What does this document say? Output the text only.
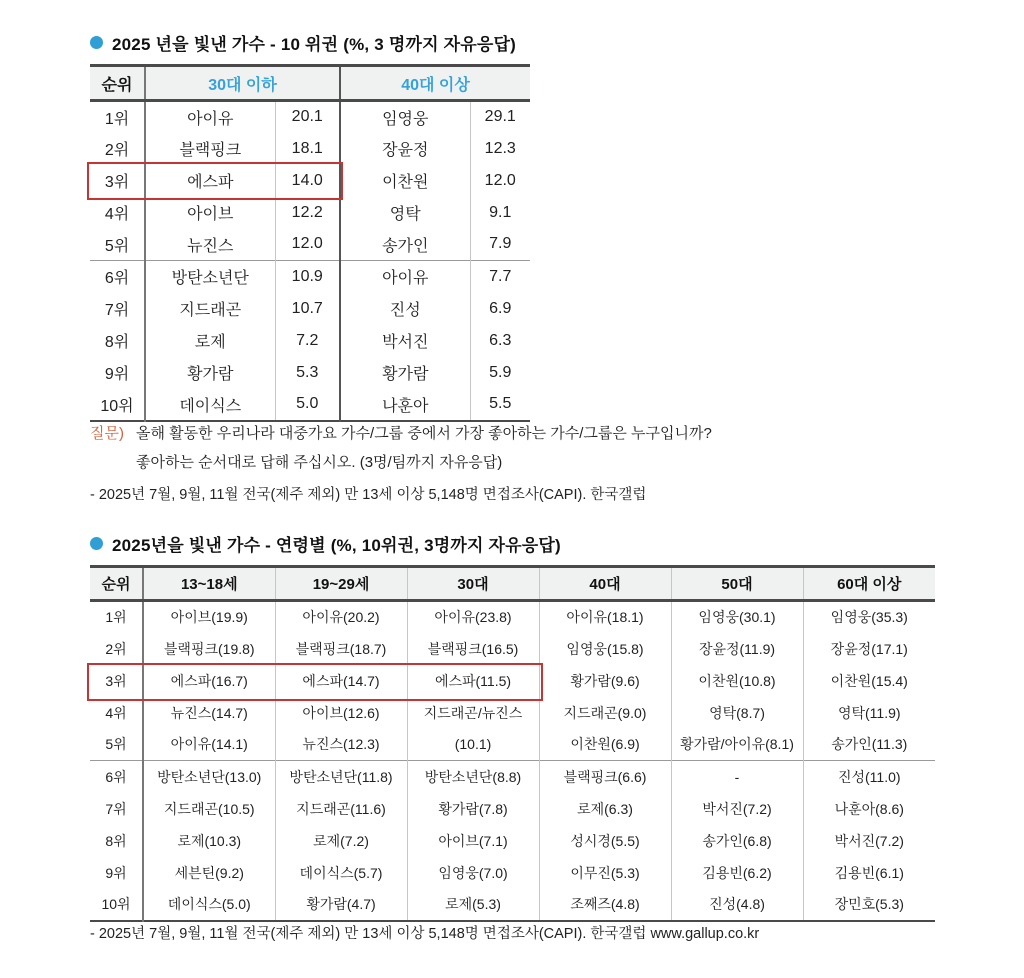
2025 년을 빛낸 가수 - 10 위권 (%, 3 명까지 자유응답)
순위	30대 이하		40대 이상	
1위	아이유	20.1	임영웅	29.1
2위	블랙핑크	18.1	장윤정	12.3
3위	에스파	14.0	이찬원	12.0
4위	아이브	12.2	영탁	9.1
5위	뉴진스	12.0	송가인	7.9
6위	방탄소년단	10.9	아이유	7.7
7위	지드래곤	10.7	진성	6.9
8위	로제	7.2	박서진	6.3
9위	황가람	5.3	황가람	5.9
10위	데이식스	5.0	나훈아	5.5
질문) 올해 활동한 우리나라 대중가요 가수/그룹 중에서 가장 좋아하는 가수/그룹은 누구입니까?
좋아하는 순서대로 답해 주십시오. (3명/팀까지 자유응답)
- 2025년 7월, 9월, 11월 전국(제주 제외) 만 13세 이상 5,148명 면접조사(CAPI). 한국갤럽
2025년을 빛낸 가수 - 연령별 (%, 10위권, 3명까지 자유응답)
순위	13~18세	19~29세	30대	40대	50대	60대 이상
1위	아이브(19.9)	아이유(20.2)	아이유(23.8)	아이유(18.1)	임영웅(30.1)	임영웅(35.3)
2위	블랙핑크(19.8)	블랙핑크(18.7)	블랙핑크(16.5)	임영웅(15.8)	장윤정(11.9)	장윤정(17.1)
3위	에스파(16.7)	에스파(14.7)	에스파(11.5)	황가람(9.6)	이찬원(10.8)	이찬원(15.4)
4위	뉴진스(14.7)	아이브(12.6)	지드래곤/뉴진스	지드래곤(9.0)	영탁(8.7)	영탁(11.9)
5위	아이유(14.1)	뉴진스(12.3)	(10.1)	이찬원(6.9)	황가람/아이유(8.1)	송가인(11.3)
6위	방탄소년단(13.0)	방탄소년단(11.8)	방탄소년단(8.8)	블랙핑크(6.6)	-	진성(11.0)
7위	지드래곤(10.5)	지드래곤(11.6)	황가람(7.8)	로제(6.3)	박서진(7.2)	나훈아(8.6)
8위	로제(10.3)	로제(7.2)	아이브(7.1)	성시경(5.5)	송가인(6.8)	박서진(7.2)
9위	세븐틴(9.2)	데이식스(5.7)	임영웅(7.0)	이무진(5.3)	김용빈(6.2)	김용빈(6.1)
10위	데이식스(5.0)	황가람(4.7)	로제(5.3)	조째즈(4.8)	진성(4.8)	장민호(5.3)
- 2025년 7월, 9월, 11월 전국(제주 제외) 만 13세 이상 5,148명 면접조사(CAPI). 한국갤럽 www.gallup.co.kr
